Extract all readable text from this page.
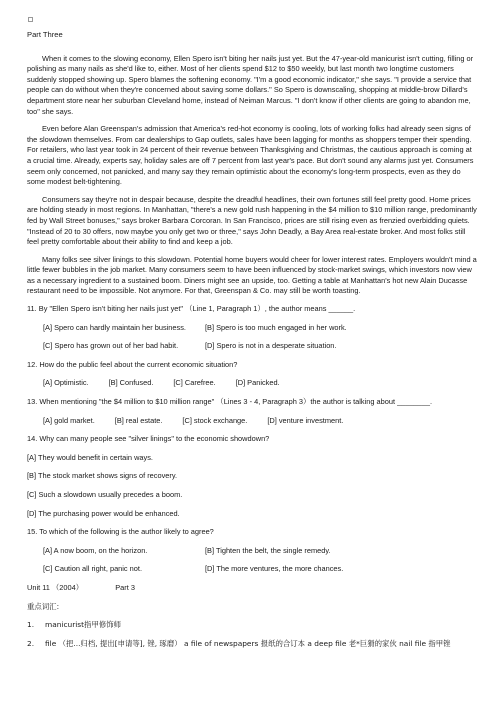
Part Three

When it comes to the slowing economy, Ellen Spero isn't biting her nails just yet. But the 47-year-old manicurist isn't cutting, filling or polishing as many nails as she'd like to, either. Most of her clients spend $12 to $50 weekly, but last month two longtime customers suddenly stopped showing up. Spero blames the softening economy. "I'm a good economic indicator," she says. "I provide a service that people can do without when they're concerned about saving some dollars." So Spero is downscaling, shopping at middle-brow Dillard's department store near her suburban Cleveland home, instead of Neiman Marcus. "I don't know if other clients are going to abandon me, too" she says.

Even before Alan Greenspan's admission that America's red-hot economy is cooling, lots of working folks had already seen signs of the slowdown themselves. From car dealerships to Gap outlets, sales have been lagging for months as shoppers temper their spending. For retailers, who last year took in 24 percent of their revenue between Thanksgiving and Christmas, the cautious approach is coming at a crucial time. Already, experts say, holiday sales are off 7 percent from last year's pace. But don't sound any alarms just yet. Consumers seem only concerned, not panicked, and many say they remain optimistic about the economy's long-term prospects, even as they do some modest belt-tightening.

Consumers say they're not in despair because, despite the dreadful headlines, their own fortunes still feel pretty good. Home prices are holding steady in most regions. In Manhattan, "there's a new gold rush happening in the $4 million to $10 million range, predominantly fed by Wall Street bonuses," says broker Barbara Corcoran. In San Francisco, prices are still rising even as frenzied overbidding quiets. "Instead of 20 to 30 offers, now maybe you only get two or three," says John Deadly, a Bay Area real-estate broker. And most folks still feel pretty comfortable about their ability to find and keep a job.

Many folks see silver linings to this slowdown. Potential home buyers would cheer for lower interest rates. Employers wouldn't mind a little fewer bubbles in the job market. Many consumers seem to have been influenced by stock-market swings, which investors now view as a necessary ingredient to a sustained boom. Diners might see an upside, too. Getting a table at Manhattan's hot new Alain Ducasse restaurant need to be impossible. Not anymore. For that, Greenspan & Co. may still be worth toasting.

11. By "Ellen Spero isn't biting her nails just yet" （Line 1, Paragraph 1）, the author means ______.
[A] Spero can hardly maintain her business.	[B] Spero is too much engaged in her work.
[C] Spero has grown out of her bad habit.	[D] Spero is not in a desperate situation.
12. How do the public feel about the current economic situation?
[A] Optimistic.	[B] Confused.	[C] Carefree.	[D] Panicked.
13. When mentioning "the $4 million to $10 million range" （Lines 3 - 4, Paragraph 3）the author is talking about ________.
[A] gold market.	[B] real estate.	[C] stock exchange.	[D] venture investment.
14. Why can many people see "silver linings" to the economic showdown?
[A] They would benefit in certain ways.
[B] The stock market shows signs of recovery.
[C] Such a slowdown usually precedes a boom.
[D] The purchasing power would be enhanced.
15. To which of the following is the author likely to agree?
[A] A now boom, on the horizon.	[B] Tighten the belt, the single remedy.
[C] Caution all right, panic not.	[D] The more ventures, the more chances.
Unit 11 （2004）	Part 3
重点词汇:
1. manicurist指甲修饰师
2. file （把...归档, 提出[申请等], 锉, 琢磨） a file of newspapers 报纸的合订本 a deep file 老*巨猾的家伙 nail file 指甲锉
